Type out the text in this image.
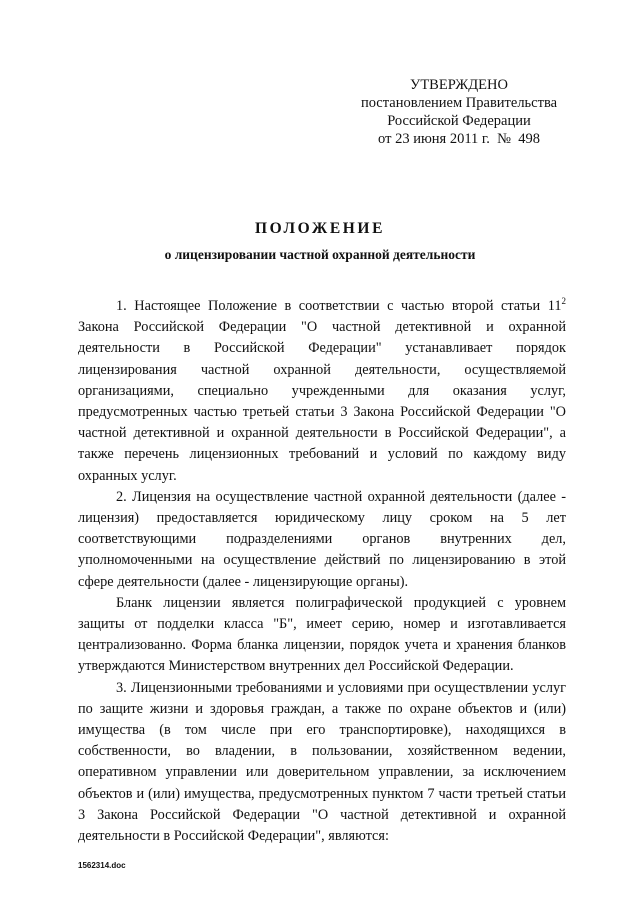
УТВЕРЖДЕНО
постановлением Правительства
Российской Федерации
от 23 июня 2011 г.  №  498
ПОЛОЖЕНИЕ
о лицензировании частной охранной деятельности

1. Настоящее Положение в соответствии с частью второй статьи $11^2$ Закона Российской Федерации "О частной детективной и охранной деятельности в Российской Федерации" устанавливает порядок лицензирования частной охранной деятельности, осуществляемой организациями, специально учрежденными для оказания услуг, предусмотренных частью третьей статьи 3 Закона Российской Федерации "О частной детективной и охранной деятельности в Российской Федерации", а также перечень лицензионных требований и условий по каждому виду охранных услуг.

2. Лицензия на осуществление частной охранной деятельности (далее - лицензия) предоставляется юридическому лицу сроком на 5 лет соответствующими подразделениями органов внутренних дел, уполномоченными на осуществление действий по лицензированию в этой сфере деятельности (далее - лицензирующие органы).

Бланк лицензии является полиграфической продукцией с уровнем защиты от подделки класса "Б", имеет серию, номер и изготавливается централизованно. Форма бланка лицензии, порядок учета и хранения бланков утверждаются Министерством внутренних дел Российской Федерации.

3. Лицензионными требованиями и условиями при осуществлении услуг по защите жизни и здоровья граждан, а также по охране объектов и (или) имущества (в том числе при его транспортировке), находящихся в собственности, во владении, в пользовании, хозяйственном ведении, оперативном управлении или доверительном управлении, за исключением объектов и (или) имущества, предусмотренных пунктом 7 части третьей статьи 3 Закона Российской Федерации "О частной детективной и охранной деятельности в Российской Федерации", являются:

1562314.doc
